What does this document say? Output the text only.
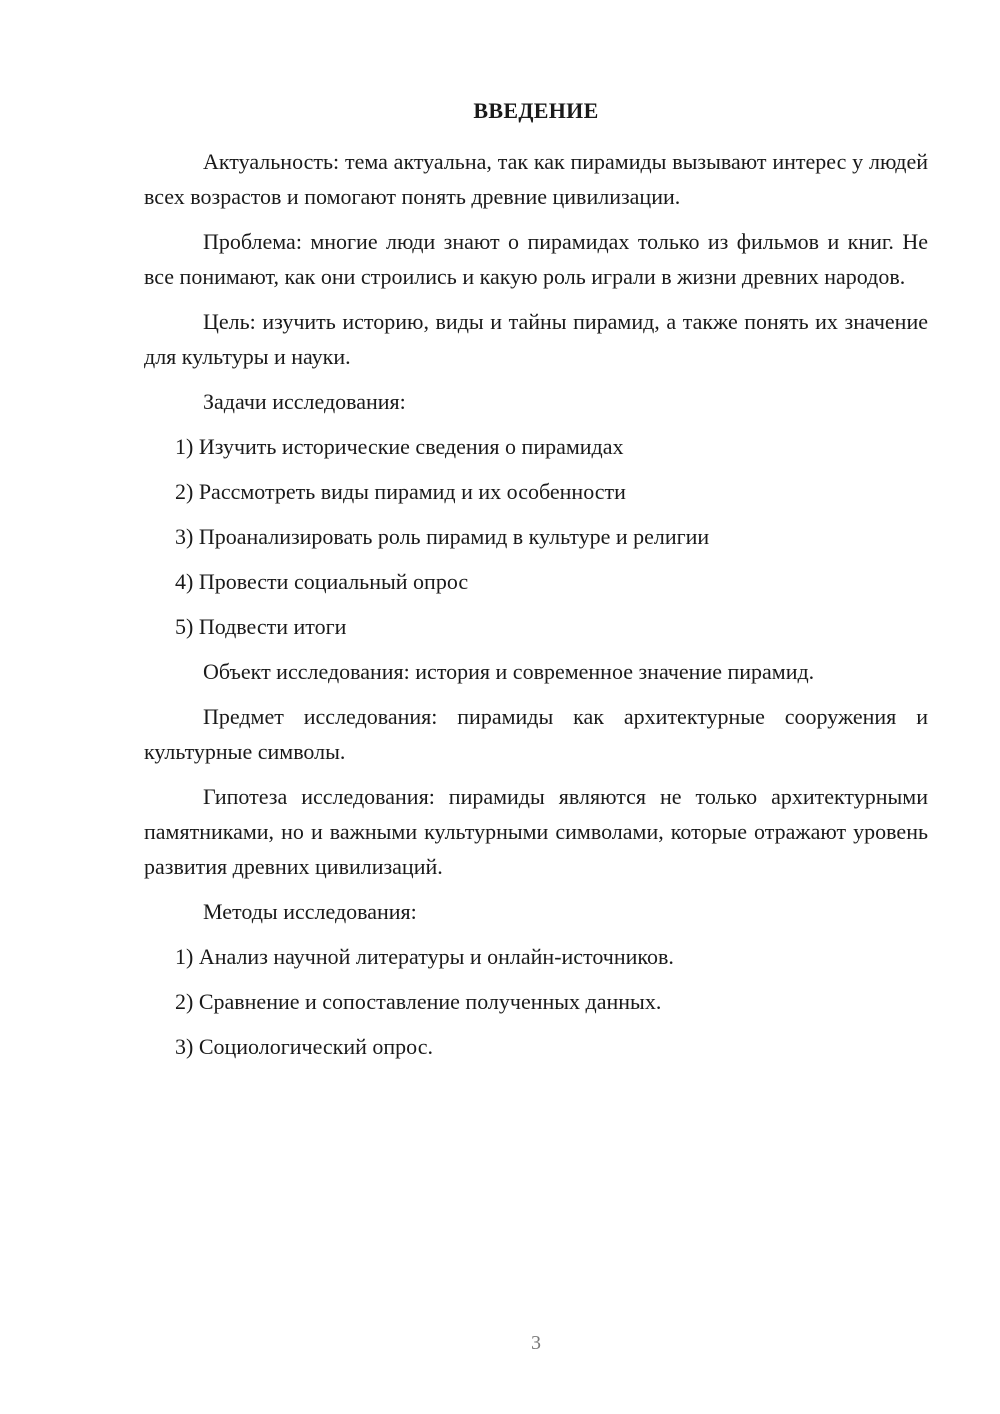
ВВЕДЕНИЕ

Актуальность: тема актуальна, так как пирамиды вызывают интерес у людей всех возрастов и помогают понять древние цивилизации.

Проблема: многие люди знают о пирамидах только из фильмов и книг. Не все понимают, как они строились и какую роль играли в жизни древних народов.

Цель: изучить историю, виды и тайны пирамид, а также понять их значение для культуры и науки.

Задачи исследования:

1) Изучить исторические сведения о пирамидах

2) Рассмотреть виды пирамид и их особенности

3) Проанализировать роль пирамид в культуре и религии

4) Провести социальный опрос

5) Подвести итоги

Объект исследования: история и современное значение пирамид.

Предмет исследования: пирамиды как архитектурные сооружения и культурные символы.

Гипотеза исследования: пирамиды являются не только архитектурными памятниками, но и важными культурными символами, которые отражают уровень развития древних цивилизаций.

Методы исследования:

1) Анализ научной литературы и онлайн-источников.

2) Сравнение и сопоставление полученных данных.

3) Социологический опрос.

3
